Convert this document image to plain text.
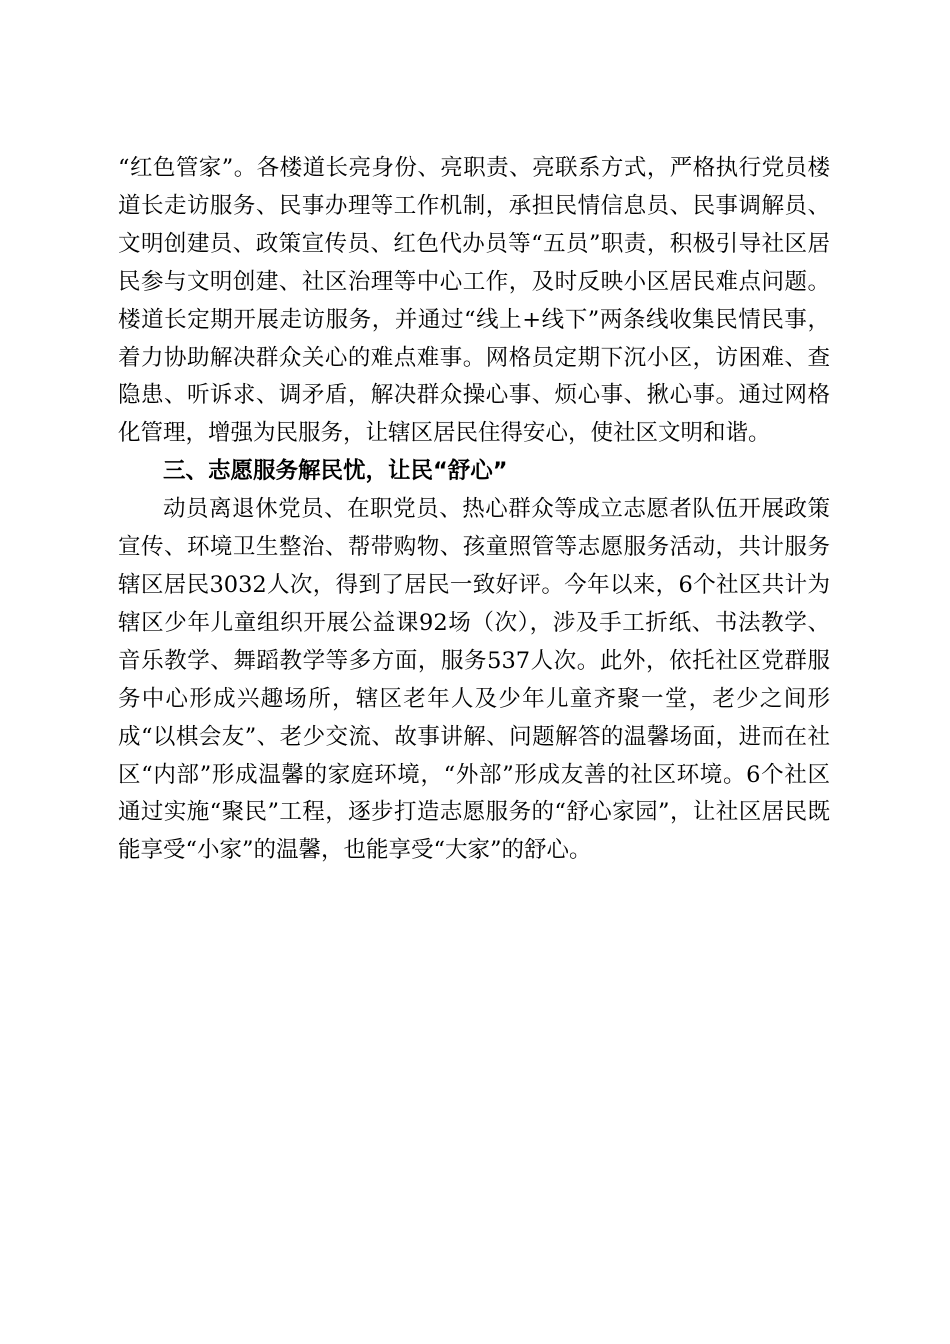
“红色管家”。各楼道长亮身份、亮职责、亮联系方式，严格执行党员楼道长走访服务、民事办理等工作机制，承担民情信息员、民事调解员、文明创建员、政策宣传员、红色代办员等“五员”职责，积极引导社区居民参与文明创建、社区治理等中心工作，及时反映小区居民难点问题。楼道长定期开展走访服务，并通过“线上+线下”两条线收集民情民事，着力协助解决群众关心的难点难事。网格员定期下沉小区，访困难、查隐患、听诉求、调矛盾，解决群众操心事、烦心事、揪心事。通过网格化管理，增强为民服务，让辖区居民住得安心，使社区文明和谐。

三、志愿服务解民忧，让民“舒心”

动员离退休党员、在职党员、热心群众等成立志愿者队伍开展政策宣传、环境卫生整治、帮带购物、孩童照管等志愿服务活动，共计服务辖区居民3032人次，得到了居民一致好评。今年以来，6个社区共计为辖区少年儿童组织开展公益课92场（次），涉及手工折纸、书法教学、音乐教学、舞蹈教学等多方面，服务537人次。此外，依托社区党群服务中心形成兴趣场所，辖区老年人及少年儿童齐聚一堂，老少之间形成“以棋会友”、老少交流、故事讲解、问题解答的温馨场面，进而在社区“内部”形成温馨的家庭环境，“外部”形成友善的社区环境。6个社区通过实施“聚民”工程，逐步打造志愿服务的“舒心家园”，让社区居民既能享受“小家”的温馨，也能享受“大家”的舒心。
